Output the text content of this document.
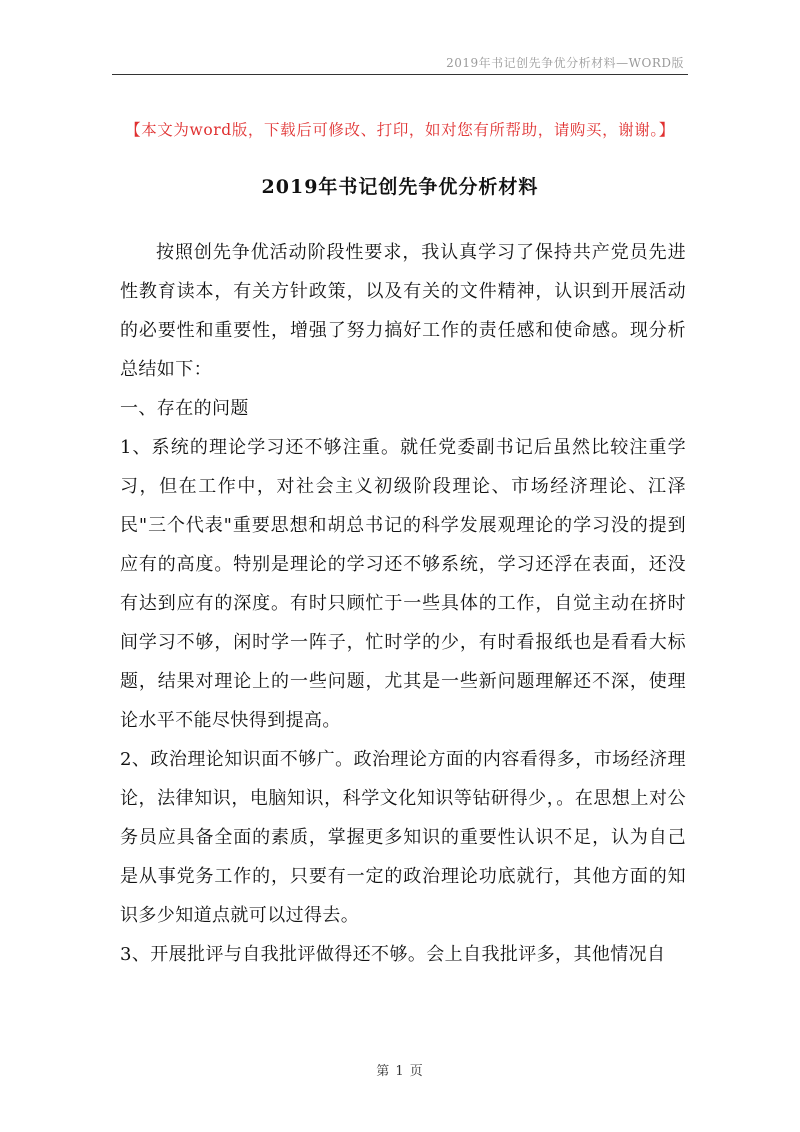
2019年书记创先争优分析材料—WORD版
【本文为word版，下载后可修改、打印，如对您有所帮助，请购买，谢谢。】
2019年书记创先争优分析材料

按照创先争优活动阶段性要求，我认真学习了保持共产党员先进性教育读本，有关方针政策，以及有关的文件精神，认识到开展活动的必要性和重要性，增强了努力搞好工作的责任感和使命感。现分析总结如下：

一、存在的问题

1、系统的理论学习还不够注重。就任党委副书记后虽然比较注重学习，但在工作中，对社会主义初级阶段理论、市场经济理论、江泽民"三个代表"重要思想和胡总书记的科学发展观理论的学习没的提到应有的高度。特别是理论的学习还不够系统，学习还浮在表面，还没有达到应有的深度。有时只顾忙于一些具体的工作，自觉主动在挤时间学习不够，闲时学一阵子，忙时学的少，有时看报纸也是看看大标题，结果对理论上的一些问题，尤其是一些新问题理解还不深，使理论水平不能尽快得到提高。

2、政治理论知识面不够广。政治理论方面的内容看得多，市场经济理论，法律知识，电脑知识，科学文化知识等钻研得少，。在思想上对公务员应具备全面的素质，掌握更多知识的重要性认识不足，认为自己是从事党务工作的，只要有一定的政治理论功底就行，其他方面的知识多少知道点就可以过得去。

3、开展批评与自我批评做得还不够。会上自我批评多，其他情况自

第 1 页
